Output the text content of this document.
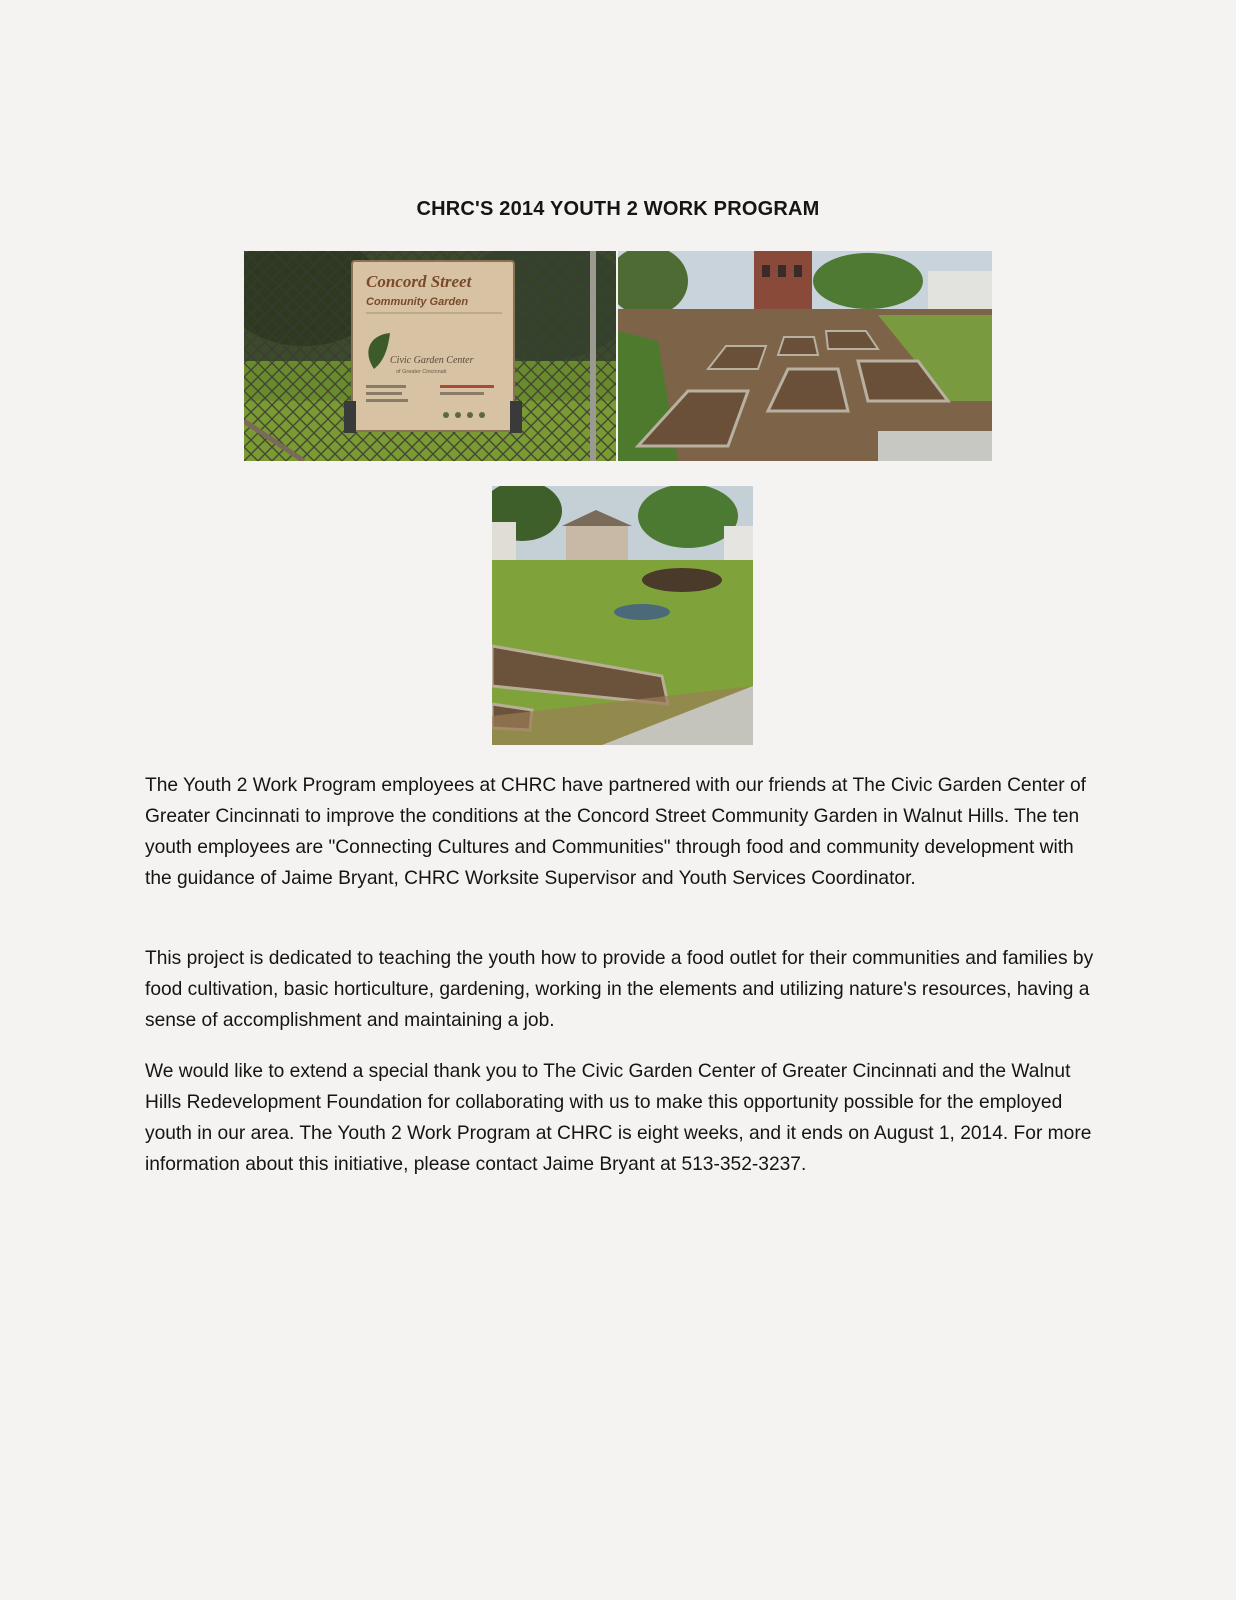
CHRC'S 2014 YOUTH 2 WORK PROGRAM
Concord Street
Community Garden
Civic Garden Center
of Greater Cincinnati

The Youth 2 Work Program employees at CHRC have partnered with our friends at The Civic Garden Center of Greater Cincinnati to improve the conditions at the Concord Street Community Garden in Walnut Hills. The ten youth employees are "Connecting Cultures and Communities" through food and community development with the guidance of Jaime Bryant, CHRC Worksite Supervisor and Youth Services Coordinator.

This project is dedicated to teaching the youth how to provide a food outlet for their communities and families by food cultivation, basic horticulture, gardening, working in the elements and utilizing nature's resources, having a sense of accomplishment and maintaining a job.

We would like to extend a special thank you to The Civic Garden Center of Greater Cincinnati and the Walnut Hills Redevelopment Foundation for collaborating with us to make this opportunity possible for the employed youth in our area. The Youth 2 Work Program at CHRC is eight weeks, and it ends on August 1, 2014. For more information about this initiative, please contact Jaime Bryant at 513-352-3237.
